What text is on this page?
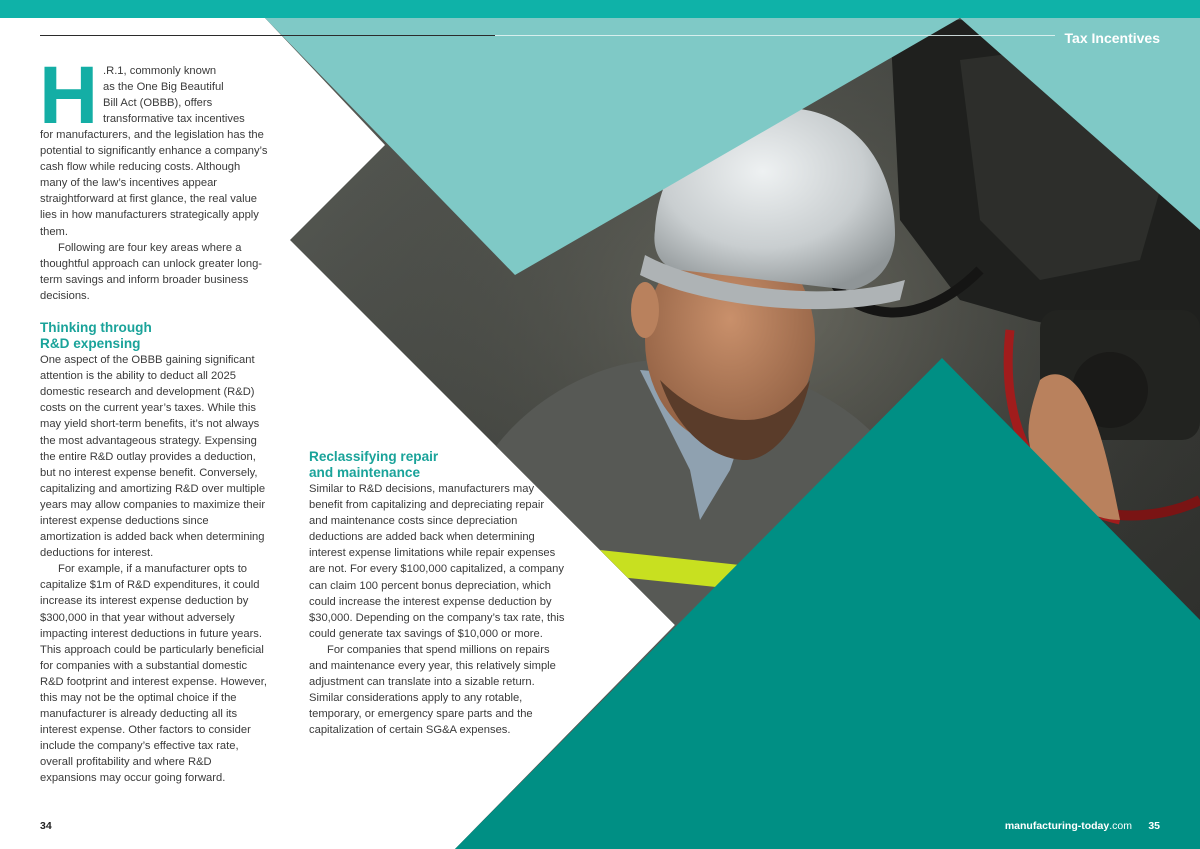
Tax Incentives
H .R.1, commonly known
as the One Big Beautiful
Bill Act (OBBB), offers
transformative tax incentives

for manufacturers, and the legislation has the potential to significantly enhance a company’s cash flow while reducing costs. Although many of the law’s incentives appear straightforward at first glance, the real value lies in how manufacturers strategically apply them.

Following are four key areas where a thoughtful approach can unlock greater long-term savings and inform broader business decisions.

Thinking through
R&D expensing

One aspect of the OBBB gaining significant attention is the ability to deduct all 2025 domestic research and development (R&D) costs on the current year’s taxes. While this may yield short-term benefits, it’s not always the most advantageous strategy. Expensing the entire R&D outlay provides a deduction, but no interest expense benefit. Conversely, capitalizing and amortizing R&D over multiple years may allow companies to maximize their interest expense deductions since amortization is added back when determining deductions for interest.

For example, if a manufacturer opts to capitalize $1m of R&D expenditures, it could increase its interest expense deduction by $300,000 in that year without adversely impacting interest deductions in future years. This approach could be particularly beneficial for companies with a substantial domestic R&D footprint and interest expense. However, this may not be the optimal choice if the manufacturer is already deducting all its interest expense. Other factors to consider include the company’s effective tax rate, overall profitability and where R&D expansions may occur going forward.

Reclassifying repair
and maintenance

Similar to R&D decisions, manufacturers may benefit from capitalizing and depreciating repair and maintenance costs since depreciation deductions are added back when determining interest expense limitations while repair expenses are not. For every $100,000 capitalized, a company can claim 100 percent bonus depreciation, which could increase the interest expense deduction by $30,000. Depending on the company’s tax rate, this could generate tax savings of $10,000 or more.

For companies that spend millions on repairs and maintenance every year, this relatively simple adjustment can translate into a sizable return. Similar considerations apply to any rotable, temporary, or emergency spare parts and the capitalization of certain SG&A expenses.

34	manufacturing-today.com 35
